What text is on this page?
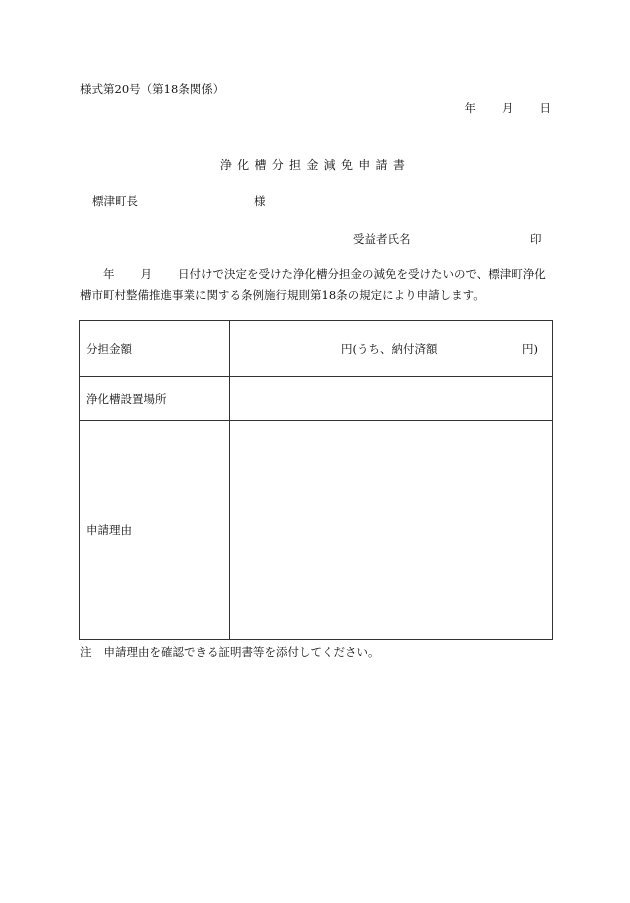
様式第20号（第18条関係）
年 月 日
浄化槽分担金減免申請書
標津町長	様
受益者氏名	印
年 月 日付けで決定を受けた浄化槽分担金の減免を受けたいので、標津町浄化槽市町村整備推進事業に関する条例施行規則第18条の規定により申請します。
分担金額	円(うち、納付済額 円)

浄化槽設置場所	
申請理由	
注 申請理由を確認できる証明書等を添付してください。
